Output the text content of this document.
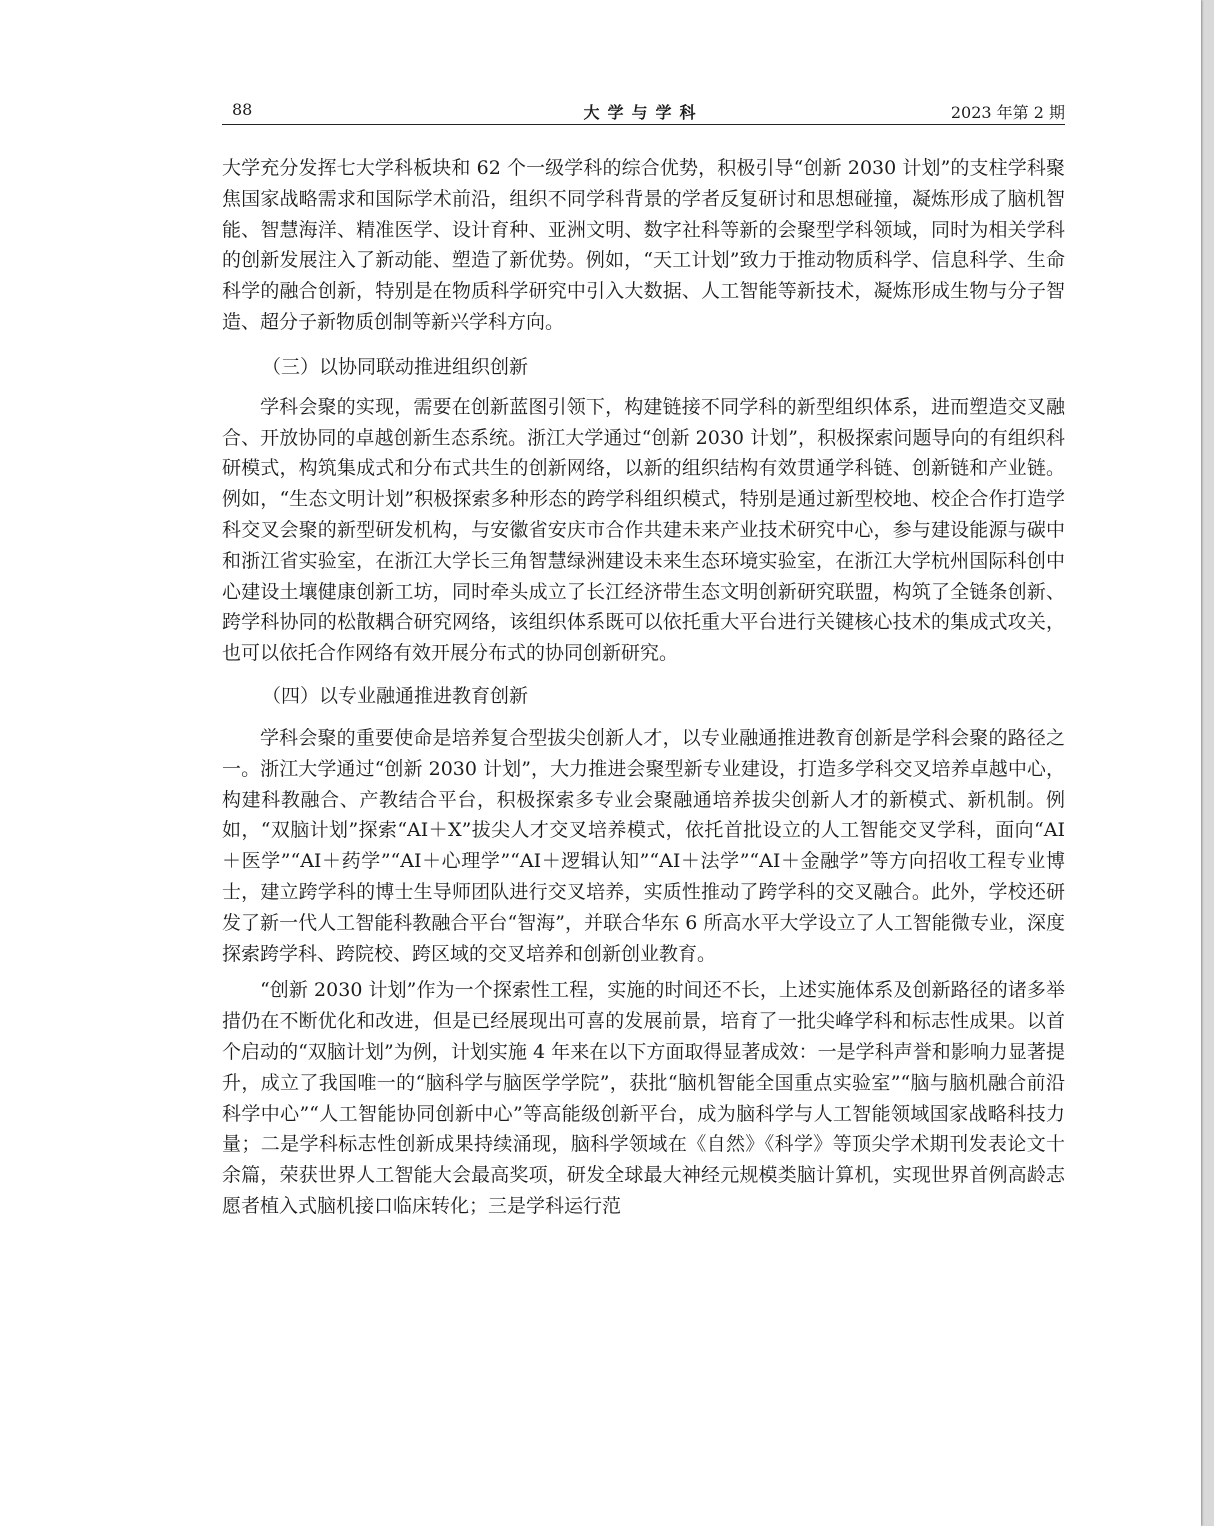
88	大学与学科	2023 年第 2 期

大学充分发挥七大学科板块和 62 个一级学科的综合优势，积极引导“创新 2030 计划”的支柱学科聚焦国家战略需求和国际学术前沿，组织不同学科背景的学者反复研讨和思想碰撞，凝炼形成了脑机智能、智慧海洋、精准医学、设计育种、亚洲文明、数字社科等新的会聚型学科领域，同时为相关学科的创新发展注入了新动能、塑造了新优势。例如，“天工计划”致力于推动物质科学、信息科学、生命科学的融合创新，特别是在物质科学研究中引入大数据、人工智能等新技术，凝炼形成生物与分子智造、超分子新物质创制等新兴学科方向。

（三）以协同联动推进组织创新

学科会聚的实现，需要在创新蓝图引领下，构建链接不同学科的新型组织体系，进而塑造交叉融合、开放协同的卓越创新生态系统。浙江大学通过“创新 2030 计划”，积极探索问题导向的有组织科研模式，构筑集成式和分布式共生的创新网络，以新的组织结构有效贯通学科链、创新链和产业链。例如，“生态文明计划”积极探索多种形态的跨学科组织模式，特别是通过新型校地、校企合作打造学科交叉会聚的新型研发机构，与安徽省安庆市合作共建未来产业技术研究中心，参与建设能源与碳中和浙江省实验室，在浙江大学长三角智慧绿洲建设未来生态环境实验室，在浙江大学杭州国际科创中心建设土壤健康创新工坊，同时牵头成立了长江经济带生态文明创新研究联盟，构筑了全链条创新、跨学科协同的松散耦合研究网络，该组织体系既可以依托重大平台进行关键核心技术的集成式攻关，也可以依托合作网络有效开展分布式的协同创新研究。

（四）以专业融通推进教育创新

学科会聚的重要使命是培养复合型拔尖创新人才，以专业融通推进教育创新是学科会聚的路径之一。浙江大学通过“创新 2030 计划”，大力推进会聚型新专业建设，打造多学科交叉培养卓越中心，构建科教融合、产教结合平台，积极探索多专业会聚融通培养拔尖创新人才的新模式、新机制。例如，“双脑计划”探索“AI＋X”拔尖人才交叉培养模式，依托首批设立的人工智能交叉学科，面向“AI＋医学”“AI＋药学”“AI＋心理学”“AI＋逻辑认知”“AI＋法学”“AI＋金融学”等方向招收工程专业博士，建立跨学科的博士生导师团队进行交叉培养，实质性推动了跨学科的交叉融合。此外，学校还研发了新一代人工智能科教融合平台“智海”，并联合华东 6 所高水平大学设立了人工智能微专业，深度探索跨学科、跨院校、跨区域的交叉培养和创新创业教育。

“创新 2030 计划”作为一个探索性工程，实施的时间还不长，上述实施体系及创新路径的诸多举措仍在不断优化和改进，但是已经展现出可喜的发展前景，培育了一批尖峰学科和标志性成果。以首个启动的“双脑计划”为例，计划实施 4 年来在以下方面取得显著成效：一是学科声誉和影响力显著提升，成立了我国唯一的“脑科学与脑医学学院”，获批“脑机智能全国重点实验室”“脑与脑机融合前沿科学中心”“人工智能协同创新中心”等高能级创新平台，成为脑科学与人工智能领域国家战略科技力量；二是学科标志性创新成果持续涌现，脑科学领域在《自然》《科学》等顶尖学术期刊发表论文十余篇，荣获世界人工智能大会最高奖项，研发全球最大神经元规模类脑计算机，实现世界首例高龄志愿者植入式脑机接口临床转化；三是学科运行范
